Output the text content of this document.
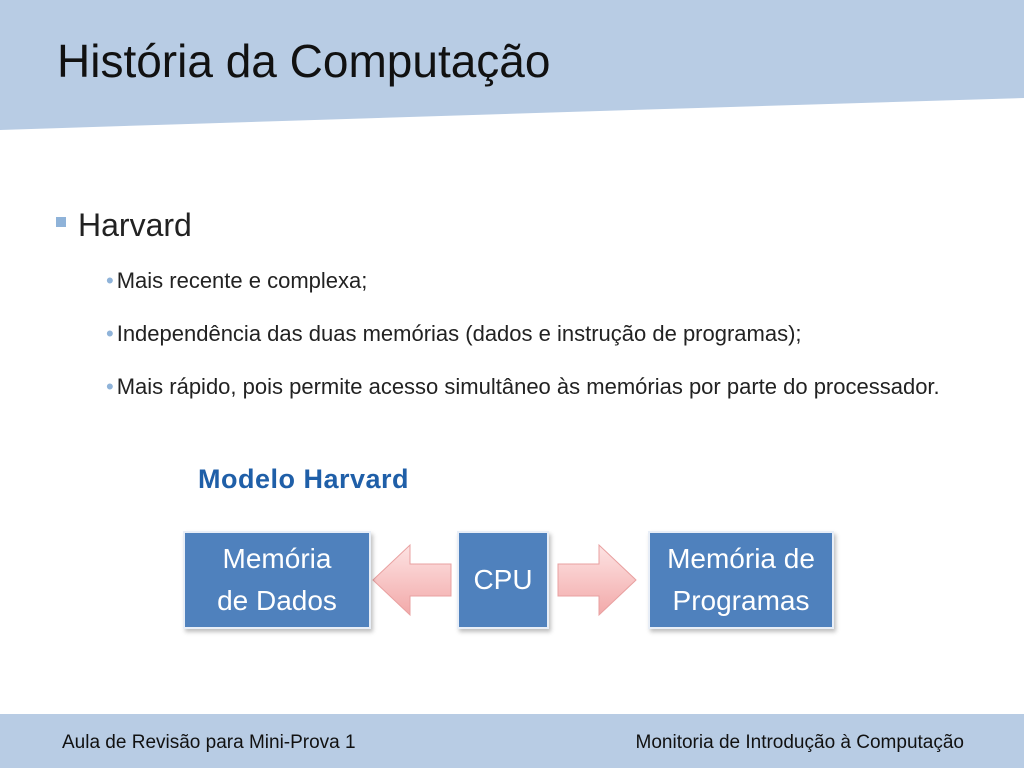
História da Computação
Harvard
• Mais recente e complexa;
• Independência das duas memórias (dados e instrução de programas);
• Mais rápido, pois permite acesso simultâneo às memórias por parte do processador.
Modelo Harvard
Memória
de Dados
CPU
Memória de
Programas
Aula de Revisão para Mini-Prova 1	Monitoria de Introdução à Computação
